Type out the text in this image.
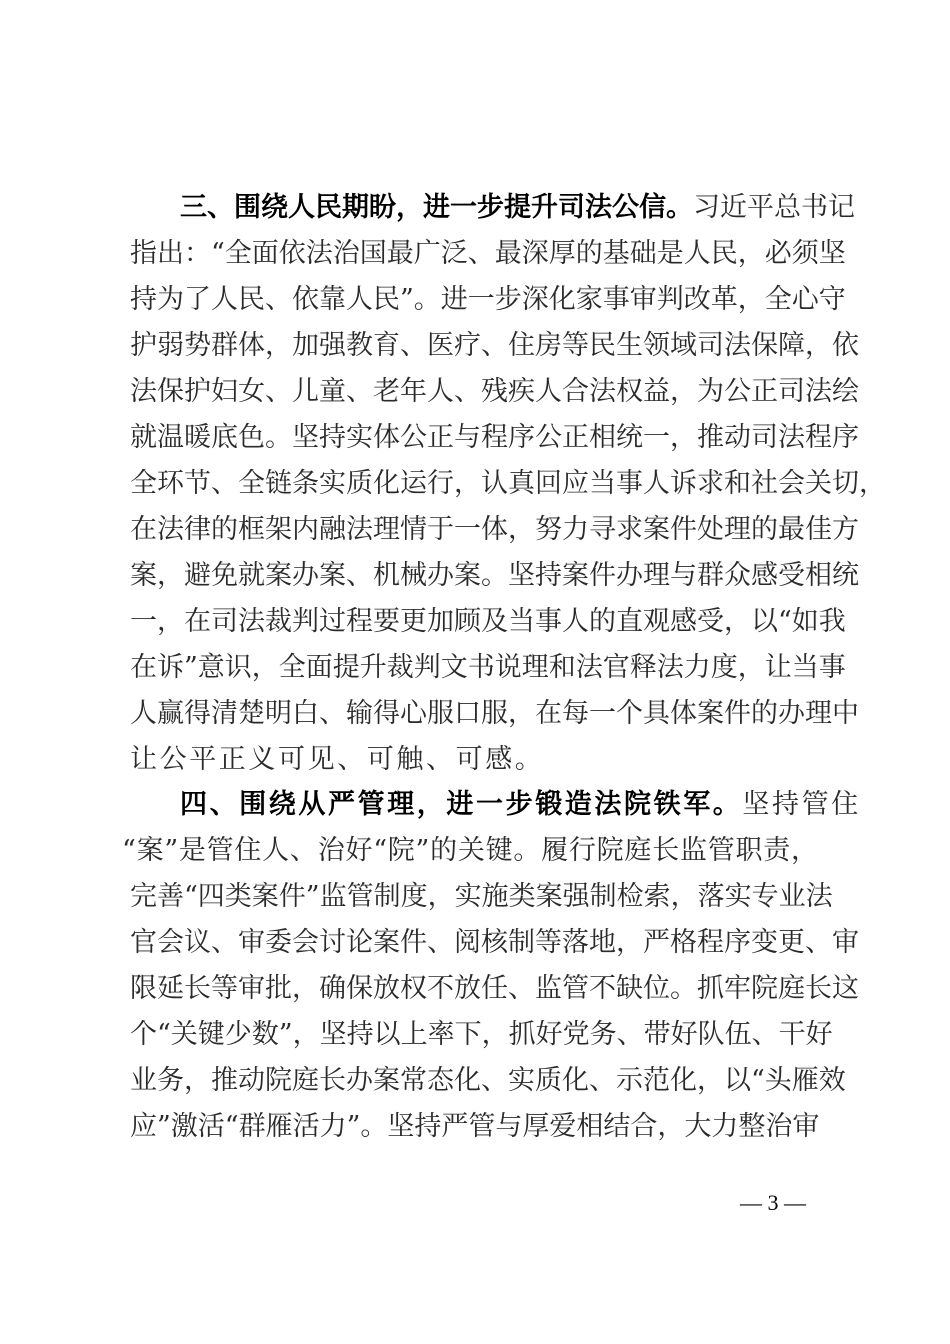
三、围绕人民期盼，进一步提升司法公信。习近平总书记
指出：“全面依法治国最广泛、最深厚的基础是人民，必须坚
持为了人民、依靠人民”。进一步深化家事审判改革，全心守
护弱势群体，加强教育、医疗、住房等民生领域司法保障，依
法保护妇女、儿童、老年人、残疾人合法权益，为公正司法绘
就温暖底色。坚持实体公正与程序公正相统一，推动司法程序
全环节、全链条实质化运行，认真回应当事人诉求和社会关切，
在法律的框架内融法理情于一体，努力寻求案件处理的最佳方
案，避免就案办案、机械办案。坚持案件办理与群众感受相统
一，在司法裁判过程要更加顾及当事人的直观感受，以“如我
在诉”意识，全面提升裁判文书说理和法官释法力度，让当事
人赢得清楚明白、输得心服口服，在每一个具体案件的办理中
让公平正义可见、可触、可感。
四、围绕从严管理，进一步锻造法院铁军。坚持管住
“案”是管住人、治好“院”的关键。履行院庭长监管职责，
完善“四类案件”监管制度，实施类案强制检索，落实专业法
官会议、审委会讨论案件、阅核制等落地，严格程序变更、审
限延长等审批，确保放权不放任、监管不缺位。抓牢院庭长这
个“关键少数”，坚持以上率下，抓好党务、带好队伍、干好
业务，推动院庭长办案常态化、实质化、示范化，以“头雁效
应”激活“群雁活力”。坚持严管与厚爱相结合，大力整治审
— 3 —
